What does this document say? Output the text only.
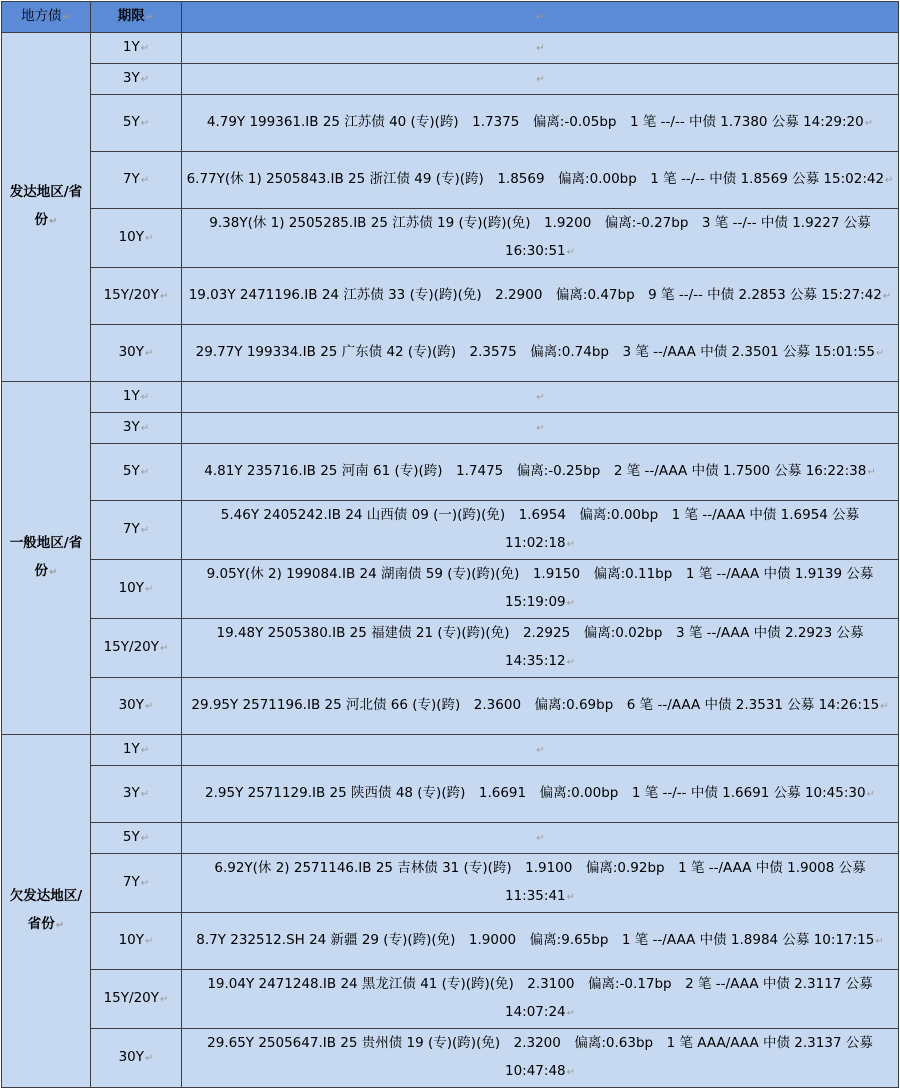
地方债↵	期限↵	↵
发达地区/省份↵	1Y↵	↵
	3Y↵	↵
	5Y↵	4.79Y 199361.IB 25 江苏债 40 (专)(跨)　1.7375　偏离:-0.05bp　1 笔 --/-- 中债 1.7380 公募 14:29:20↵
	7Y↵	6.77Y(休 1) 2505843.IB 25 浙江债 49 (专)(跨)　1.8569　偏离:0.00bp　1 笔 --/-- 中债 1.8569 公募 15:02:42↵
	10Y↵	9.38Y(休 1) 2505285.IB 25 江苏债 19 (专)(跨)(免)　1.9200　偏离:-0.27bp　3 笔 --/-- 中债 1.9227 公募 16:30:51↵
	15Y/20Y↵	19.03Y 2471196.IB 24 江苏债 33 (专)(跨)(免)　2.2900　偏离:0.47bp　9 笔 --/-- 中债 2.2853 公募 15:27:42↵
	30Y↵	29.77Y 199334.IB 25 广东债 42 (专)(跨)　2.3575　偏离:0.74bp　3 笔 --/AAA 中债 2.3501 公募 15:01:55↵
一般地区/省份↵	1Y↵	↵
	3Y↵	↵
	5Y↵	4.81Y 235716.IB 25 河南 61 (专)(跨)　1.7475　偏离:-0.25bp　2 笔 --/AAA 中债 1.7500 公募 16:22:38↵
	7Y↵	5.46Y 2405242.IB 24 山西债 09 (一)(跨)(免)　1.6954　偏离:0.00bp　1 笔 --/AAA 中债 1.6954 公募 11:02:18↵
	10Y↵	9.05Y(休 2) 199084.IB 24 湖南债 59 (专)(跨)(免)　1.9150　偏离:0.11bp　1 笔 --/AAA 中债 1.9139 公募 15:19:09↵
	15Y/20Y↵	19.48Y 2505380.IB 25 福建债 21 (专)(跨)(免)　2.2925　偏离:0.02bp　3 笔 --/AAA 中债 2.2923 公募 14:35:12↵
	30Y↵	29.95Y 2571196.IB 25 河北债 66 (专)(跨)　2.3600　偏离:0.69bp　6 笔 --/AAA 中债 2.3531 公募 14:26:15↵
欠发达地区/省份↵	1Y↵	↵
	3Y↵	2.95Y 2571129.IB 25 陕西债 48 (专)(跨)　1.6691　偏离:0.00bp　1 笔 --/-- 中债 1.6691 公募 10:45:30↵
	5Y↵	↵
	7Y↵	6.92Y(休 2) 2571146.IB 25 吉林债 31 (专)(跨)　1.9100　偏离:0.92bp　1 笔 --/AAA 中债 1.9008 公募 11:35:41↵
	10Y↵	8.7Y 232512.SH 24 新疆 29 (专)(跨)(免)　1.9000　偏离:9.65bp　1 笔 --/AAA 中债 1.8984 公募 10:17:15↵
	15Y/20Y↵	19.04Y 2471248.IB 24 黑龙江债 41 (专)(跨)(免)　2.3100　偏离:-0.17bp　2 笔 --/AAA 中债 2.3117 公募 14:07:24↵
	30Y↵	29.65Y 2505647.IB 25 贵州债 19 (专)(跨)(免)　2.3200　偏离:0.63bp　1 笔 AAA/AAA 中债 2.3137 公募 10:47:48↵
